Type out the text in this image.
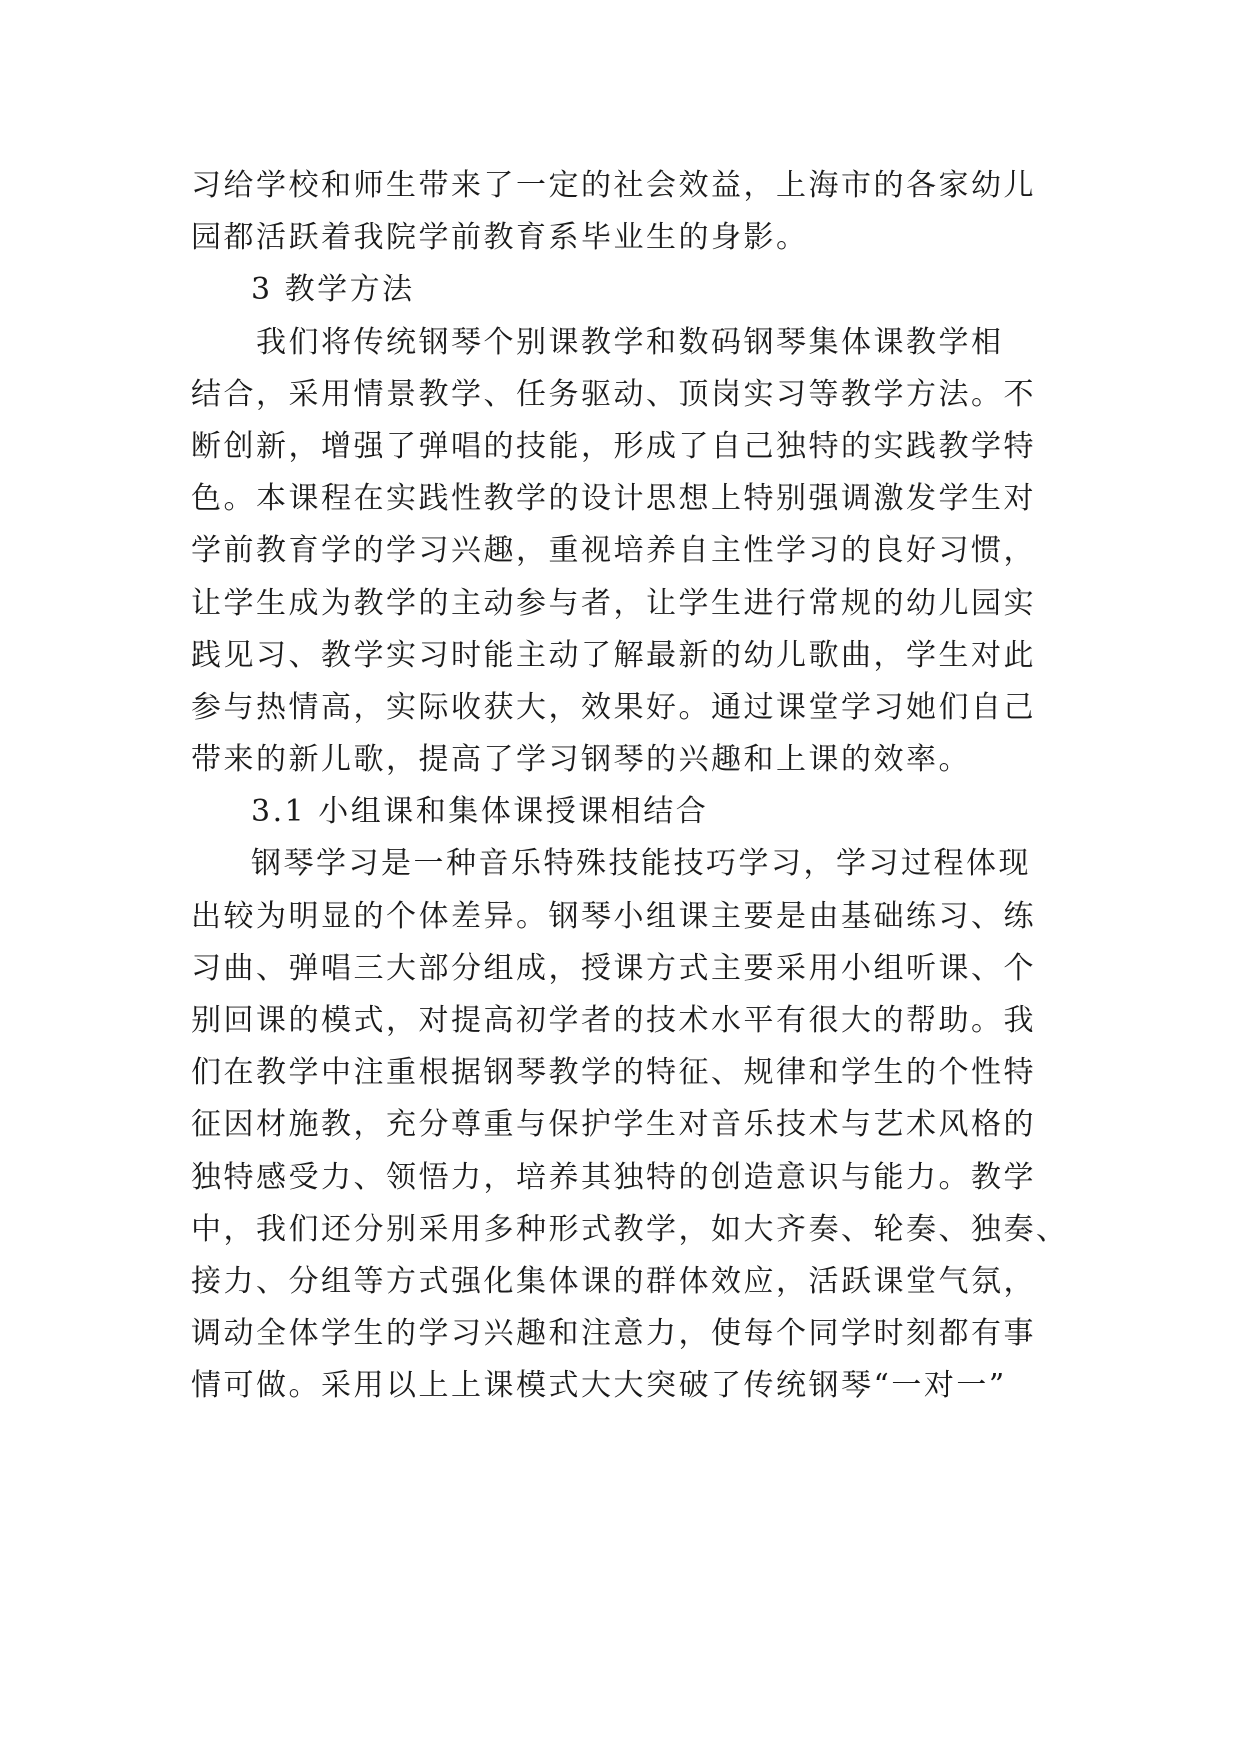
习给学校和师生带来了一定的社会效益，上海市的各家幼儿
园都活跃着我院学前教育系毕业生的身影。
3 教学方法
我们将传统钢琴个别课教学和数码钢琴集体课教学相
结合，采用情景教学、任务驱动、顶岗实习等教学方法。不
断创新，增强了弹唱的技能，形成了自己独特的实践教学特
色。本课程在实践性教学的设计思想上特别强调激发学生对
学前教育学的学习兴趣，重视培养自主性学习的良好习惯，
让学生成为教学的主动参与者，让学生进行常规的幼儿园实
践见习、教学实习时能主动了解最新的幼儿歌曲，学生对此
参与热情高，实际收获大，效果好。通过课堂学习她们自己
带来的新儿歌，提高了学习钢琴的兴趣和上课的效率。
3.1 小组课和集体课授课相结合
钢琴学习是一种音乐特殊技能技巧学习，学习过程体现
出较为明显的个体差异。钢琴小组课主要是由基础练习、练
习曲、弹唱三大部分组成，授课方式主要采用小组听课、个
别回课的模式，对提高初学者的技术水平有很大的帮助。我
们在教学中注重根据钢琴教学的特征、规律和学生的个性特
征因材施教，充分尊重与保护学生对音乐技术与艺术风格的
独特感受力、领悟力，培养其独特的创造意识与能力。教学
中，我们还分别采用多种形式教学，如大齐奏、轮奏、独奏、
接力、分组等方式强化集体课的群体效应，活跃课堂气氛，
调动全体学生的学习兴趣和注意力，使每个同学时刻都有事
情可做。采用以上上课模式大大突破了传统钢琴“一对一”
